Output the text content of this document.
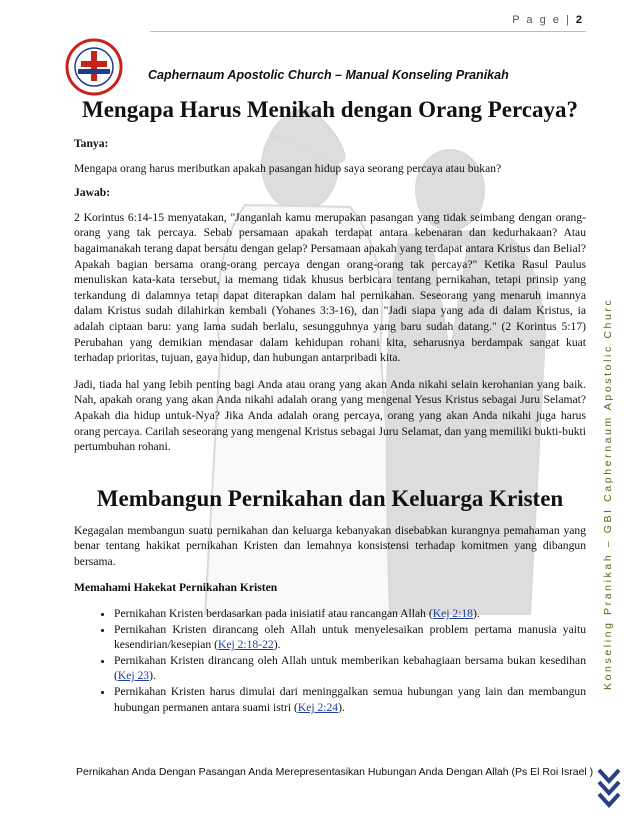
P a g e | 2
Caphernaum Apostolic Church – Manual Konseling Pranikah
Konseling Pranikah – GBI Caphernaum Apostolic Churc
Mengapa Harus Menikah dengan Orang Percaya?

Tanya:

Mengapa orang harus meributkan apakah pasangan hidup saya seorang percaya atau bukan?

Jawab:

2 Korintus 6:14-15 menyatakan, "Janganlah kamu merupakan pasangan yang tidak seimbang dengan orang-orang yang tak percaya. Sebab persamaan apakah terdapat antara kebenaran dan kedurhakaan? Atau bagaimanakah terang dapat bersatu dengan gelap? Persamaan apakah yang terdapat antara Kristus dan Belial? Apakah bagian bersama orang-orang percaya dengan orang-orang tak percaya?" Ketika Rasul Paulus menuliskan kata-kata tersebut, ia memang tidak khusus berbicara tentang pernikahan, tetapi prinsip yang terkandung di dalamnya tetap dapat diterapkan dalam hal pernikahan. Seseorang yang menaruh imannya dalam Kristus sudah dilahirkan kembali (Yohanes 3:3-16), dan "Jadi siapa yang ada di dalam Kristus, ia adalah ciptaan baru: yang lama sudah berlalu, sesungguhnya yang baru sudah datang." (2 Korintus 5:17) Perubahan yang demikian mendasar dalam kehidupan rohani kita, seharusnya berdampak sangat kuat terhadap prioritas, tujuan, gaya hidup, dan hubungan antarpribadi kita.

Jadi, tiada hal yang lebih penting bagi Anda atau orang yang akan Anda nikahi selain kerohanian yang baik. Nah, apakah orang yang akan Anda nikahi adalah orang yang mengenal Yesus Kristus sebagai Juru Selamat? Apakah dia hidup untuk-Nya? Jika Anda adalah orang percaya, orang yang akan Anda nikahi juga harus orang percaya. Carilah seseorang yang mengenal Kristus sebagai Juru Selamat, dan yang memiliki bukti-bukti pertumbuhan rohani.

Membangun Pernikahan dan Keluarga Kristen

Kegagalan membangun suatu pernikahan dan keluarga kebanyakan disebabkan kurangnya pemahaman yang benar tentang hakikat pernikahan Kristen dan lemahnya konsistensi terhadap komitmen yang dibangun bersama.

Memahami Hakekat Pernikahan Kristen

• Pernikahan Kristen berdasarkan pada inisiatif atau rancangan Allah (Kej 2:18).
• Pernikahan Kristen dirancang oleh Allah untuk menyelesaikan problem pertama manusia yaitu kesendirian/kesepian (Kej 2:18-22).
• Pernikahan Kristen dirancang oleh Allah untuk memberikan kebahagiaan bersama bukan kesedihan (Kej 23).
• Pernikahan Kristen harus dimulai dari meninggalkan semua hubungan yang lain dan membangun hubungan permanen antara suami istri (Kej 2:24).
Pernikahan Anda Dengan Pasangan Anda Merepresentasikan Hubungan Anda Dengan Allah (Ps El Roi Israel )
